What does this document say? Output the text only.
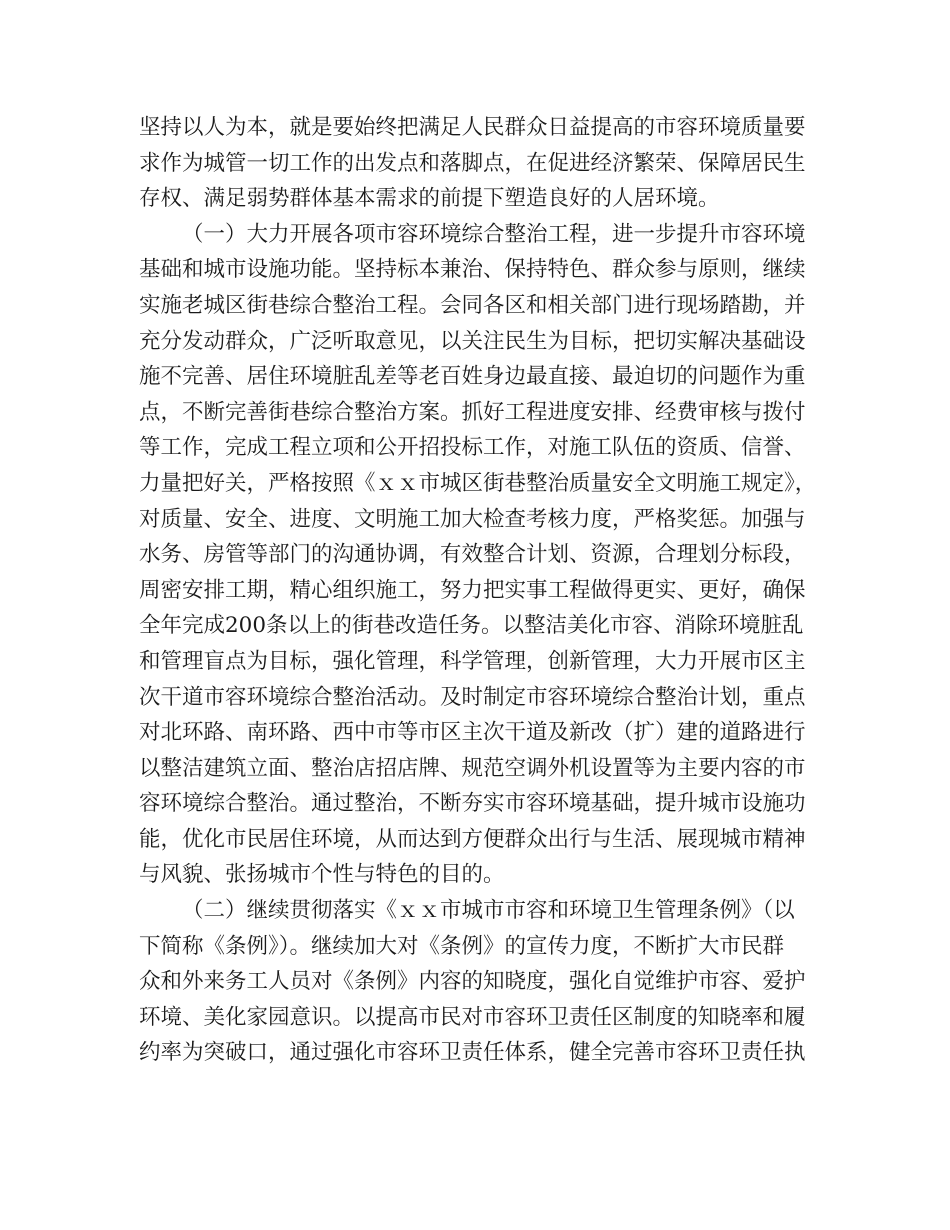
坚持以人为本，就是要始终把满足人民群众日益提高的市容环境质量要
求作为城管一切工作的出发点和落脚点，在促进经济繁荣、保障居民生
存权、满足弱势群体基本需求的前提下塑造良好的人居环境。
（一）大力开展各项市容环境综合整治工程，进一步提升市容环境
基础和城市设施功能。坚持标本兼治、保持特色、群众参与原则，继续
实施老城区街巷综合整治工程。会同各区和相关部门进行现场踏勘，并
充分发动群众，广泛听取意见，以关注民生为目标，把切实解决基础设
施不完善、居住环境脏乱差等老百姓身边最直接、最迫切的问题作为重
点，不断完善街巷综合整治方案。抓好工程进度安排、经费审核与拨付
等工作，完成工程立项和公开招投标工作，对施工队伍的资质、信誉、
力量把好关，严格按照《ｘｘ市城区街巷整治质量安全文明施工规定》，
对质量、安全、进度、文明施工加大检查考核力度，严格奖惩。加强与
水务、房管等部门的沟通协调，有效整合计划、资源，合理划分标段，
周密安排工期，精心组织施工，努力把实事工程做得更实、更好，确保
全年完成200条以上的街巷改造任务。以整洁美化市容、消除环境脏乱
和管理盲点为目标，强化管理，科学管理，创新管理，大力开展市区主
次干道市容环境综合整治活动。及时制定市容环境综合整治计划，重点
对北环路、南环路、西中市等市区主次干道及新改（扩）建的道路进行
以整洁建筑立面、整治店招店牌、规范空调外机设置等为主要内容的市
容环境综合整治。通过整治，不断夯实市容环境基础，提升城市设施功
能，优化市民居住环境，从而达到方便群众出行与生活、展现城市精神
与风貌、张扬城市个性与特色的目的。
（二）继续贯彻落实《ｘｘ市城市市容和环境卫生管理条例》（以
下简称《条例》）。继续加大对《条例》的宣传力度，不断扩大市民群
众和外来务工人员对《条例》内容的知晓度，强化自觉维护市容、爱护
环境、美化家园意识。以提高市民对市容环卫责任区制度的知晓率和履
约率为突破口，通过强化市容环卫责任体系，健全完善市容环卫责任执
